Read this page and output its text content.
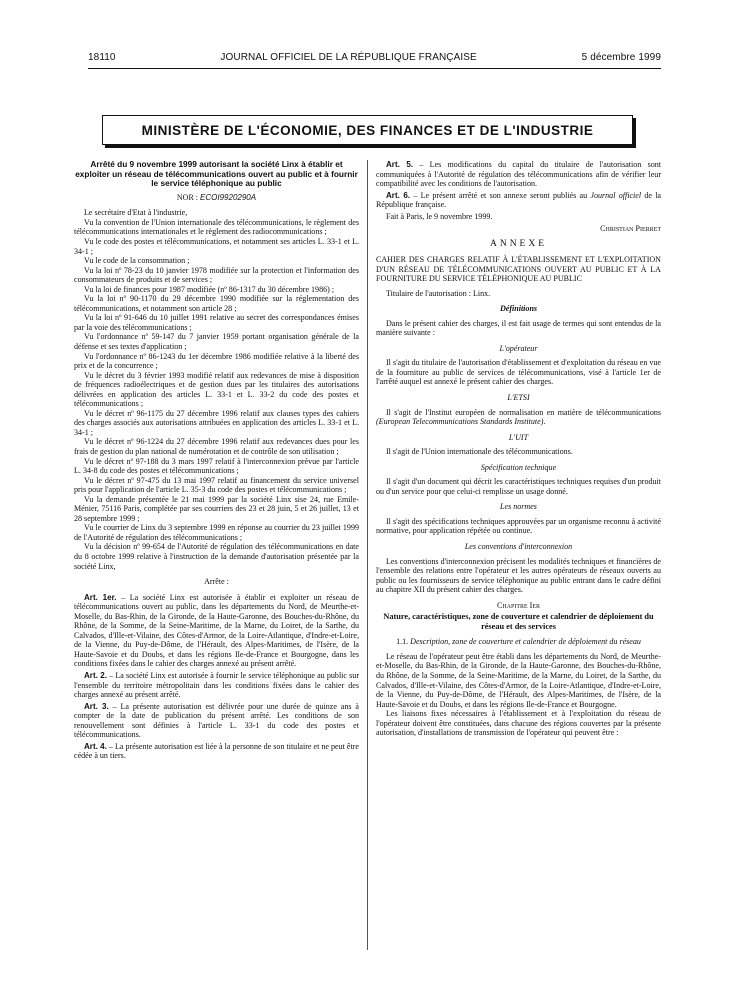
18110	JOURNAL OFFICIEL DE LA RÉPUBLIQUE FRANÇAISE	5 décembre 1999
MINISTÈRE DE L'ÉCONOMIE, DES FINANCES ET DE L'INDUSTRIE

Arrêté du 9 novembre 1999 autorisant la société Linx à établir et exploiter un réseau de télécommunications ouvert au public et à fournir le service téléphonique au public

NOR : ECOI9920290A

Le secrétaire d'Etat à l'industrie,

Vu la convention de l'Union internationale des télécommunications, le règlement des télécommunications internationales et le règlement des radiocommunications ;

Vu le code des postes et télécommunications, et notamment ses articles L. 33-1 et L. 34-1 ;

Vu le code de la consommation ;

Vu la loi nº 78-23 du 10 janvier 1978 modifiée sur la protection et l'information des consommateurs de produits et de services ;

Vu la loi de finances pour 1987 modifiée (nº 86-1317 du 30 décembre 1986) ;

Vu la loi nº 90-1170 du 29 décembre 1990 modifiée sur la réglementation des télécommunications, et notamment son article 28 ;

Vu la loi nº 91-646 du 10 juillet 1991 relative au secret des correspondances émises par la voie des télécommunications ;

Vu l'ordonnance nº 59-147 du 7 janvier 1959 portant organisation générale de la défense et ses textes d'application ;

Vu l'ordonnance nº 86-1243 du 1er décembre 1986 modifiée relative à la liberté des prix et de la concurrence ;

Vu le décret du 3 février 1993 modifié relatif aux redevances de mise à disposition de fréquences radioélectriques et de gestion dues par les titulaires des autorisations délivrées en application des articles L. 33-1 et L. 33-2 du code des postes et télécommunications ;

Vu le décret nº 96-1175 du 27 décembre 1996 relatif aux clauses types des cahiers des charges associés aux autorisations attribuées en application des articles L. 33-1 et L. 34-1 ;

Vu le décret nº 96-1224 du 27 décembre 1996 relatif aux redevances dues pour les frais de gestion du plan national de numérotation et de contrôle de son utilisation ;

Vu le décret nº 97-188 du 3 mars 1997 relatif à l'interconnexion prévue par l'article L. 34-8 du code des postes et télécommunications ;

Vu le décret nº 97-475 du 13 mai 1997 relatif au financement du service universel pris pour l'application de l'article L. 35-3 du code des postes et télécommunications ;

Vu la demande présentée le 21 mai 1999 par la société Linx sise 24, rue Emile-Ménier, 75116 Paris, complétée par ses courriers des 23 et 28 juin, 5 et 26 juillet, 13 et 28 septembre 1999 ;

Vu le courrier de Linx du 3 septembre 1999 en réponse au courrier du 23 juillet 1999 de l'Autorité de régulation des télécommunications ;

Vu la décision nº 99-654 de l'Autorité de régulation des télécommunications en date du 8 octobre 1999 relative à l'instruction de la demande d'autorisation présentée par la société Linx,

Arrête :

Art. 1er. – La société Linx est autorisée à établir et exploiter un réseau de télécommunications ouvert au public, dans les départements du Nord, de Meurthe-et-Moselle, du Bas-Rhin, de la Gironde, de la Haute-Garonne, des Bouches-du-Rhône, du Rhône, de la Somme, de la Seine-Maritime, de la Marne, du Loiret, de la Sarthe, du Calvados, d'Ille-et-Vilaine, des Côtes-d'Armor, de la Loire-Atlantique, d'Indre-et-Loire, de la Vienne, du Puy-de-Dôme, de l'Hérault, des Alpes-Maritimes, de l'Isère, de la Haute-Savoie et du Doubs, et dans les régions Ile-de-France et Bourgogne, dans les conditions fixées dans le cahier des charges annexé au présent arrêté.

Art. 2. – La société Linx est autorisée à fournir le service téléphonique au public sur l'ensemble du territoire métropolitain dans les conditions fixées dans le cahier des charges annexé au présent arrêté.

Art. 3. – La présente autorisation est délivrée pour une durée de quinze ans à compter de la date de publication du présent arrêté. Les conditions de son renouvellement sont définies à l'article L. 33-1 du code des postes et télécommunications.

Art. 4. – La présente autorisation est liée à la personne de son titulaire et ne peut être cédée à un tiers.

Art. 5. – Les modifications du capital du titulaire de l'autorisation sont communiquées à l'Autorité de régulation des télécommunications afin de vérifier leur compatibilité avec les conditions de l'autorisation.

Art. 6. – Le présent arrêté et son annexe seront publiés au Journal officiel de la République française.

Fait à Paris, le 9 novembre 1999.

Christian Pierret

ANNEXE

CAHIER DES CHARGES RELATIF À L'ÉTABLISSEMENT ET L'EXPLOITATION D'UN RÉSEAU DE TÉLÉCOMMUNICATIONS OUVERT AU PUBLIC ET À LA FOURNITURE DU SERVICE TÉLÉPHONIQUE AU PUBLIC

Titulaire de l'autorisation : Linx.

Définitions

Dans le présent cahier des charges, il est fait usage de termes qui sont entendus de la manière suivante :

L'opérateur

Il s'agit du titulaire de l'autorisation d'établissement et d'exploitation du réseau en vue de la fourniture au public de services de télécommunications, visé à l'article 1er de l'arrêté auquel est annexé le présent cahier des charges.

L'ETSI

Il s'agit de l'Institut européen de normalisation en matière de télécommunications (European Telecommunications Standards Institute).

L'UIT

Il s'agit de l'Union internationale des télécommunications.

Spécification technique

Il s'agit d'un document qui décrit les caractéristiques techniques requises d'un produit ou d'un service pour que celui-ci remplisse un usage donné.

Les normes

Il s'agit des spécifications techniques approuvées par un organisme reconnu à activité normative, pour application répétée ou continue.

Les conventions d'interconnexion

Les conventions d'interconnexion précisent les modalités techniques et financières de l'ensemble des relations entre l'opérateur et les autres opérateurs de réseaux ouverts au public ou les fournisseurs de service téléphonique au public entrant dans le cadre défini au chapitre XII du présent cahier des charges.

Chapitre Ier

Nature, caractéristiques, zone de couverture et calendrier de déploiement du réseau et des services

1.1. Description, zone de couverture et calendrier de déploiement du réseau

Le réseau de l'opérateur peut être établi dans les départements du Nord, de Meurthe-et-Moselle, du Bas-Rhin, de la Gironde, de la Haute-Garonne, des Bouches-du-Rhône, du Rhône, de la Somme, de la Seine-Maritime, de la Marne, du Loiret, de la Sarthe, du Calvados, d'Ille-et-Vilaine, des Côtes-d'Armor, de la Loire-Atlantique, d'Indre-et-Loire, de la Vienne, du Puy-de-Dôme, de l'Hérault, des Alpes-Maritimes, de l'Isère, de la Haute-Savoie et du Doubs, et dans les régions Ile-de-France et Bourgogne.

Les liaisons fixes nécessaires à l'établissement et à l'exploitation du réseau de l'opérateur doivent être constituées, dans chacune des régions couvertes par la présente autorisation, d'installations de transmission de l'opérateur qui peuvent être :
